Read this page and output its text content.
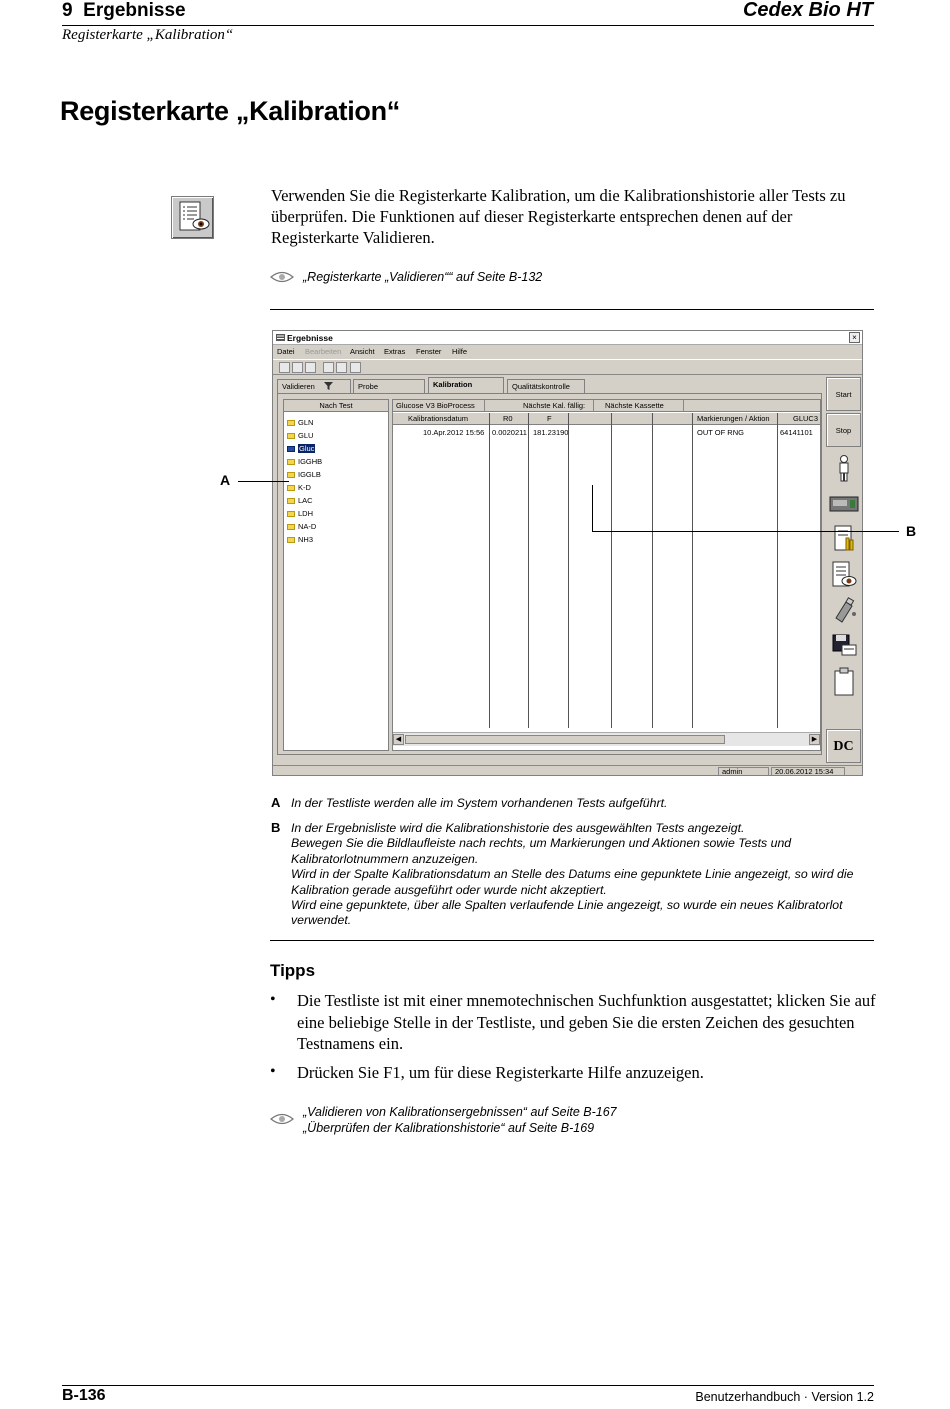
9 Ergebnisse	Cedex Bio HT
Registerkarte „Kalibration“
Registerkarte „Kalibration“
Verwenden Sie die Registerkarte Kalibration, um die Kalibrationshistorie aller Tests zu überprüfen. Die Funktionen auf dieser Registerkarte entsprechen denen auf der Registerkarte Validieren.
„Registerkarte „Validieren““ auf Seite B-132
Ergebnisse	×
Datei Bearbeiten Ansicht Extras Fenster Hilfe
Validieren	Probe	Kalibration	Qualitätskontrolle
Nach Test
GLN
GLU
Gluc
IGGHB
IGGLB
K-D
LAC
LDH
NA-D
NH3
Glucose V3 BioProcess	Nächste Kal. fällig:	Nächste Kassette
Kalibrationsdatum	R0	F	Markierungen / Aktion	GLUC3
10.Apr.2012 15:56 0.0020211 181.23190	OUT OF RNG	64141101
◀	▶
Start
Stop
DC
admin	20.06.2012 15:34
A
B
A In der Testliste werden alle im System vorhandenen Tests aufgeführt.
B In der Ergebnisliste wird die Kalibrationshistorie des ausgewählten Tests angezeigt.
Bewegen Sie die Bildlaufleiste nach rechts, um Markierungen und Aktionen sowie Tests und
Kalibratorlotnummern anzuzeigen.
Wird in der Spalte Kalibrationsdatum an Stelle des Datums eine gepunktete Linie angezeigt, so wird die
Kalibration gerade ausgeführt oder wurde nicht akzeptiert.
Wird eine gepunktete, über alle Spalten verlaufende Linie angezeigt, so wurde ein neues Kalibratorlot
verwendet.
Tipps
• Die Testliste ist mit einer mnemotechnischen Suchfunktion ausgestattet; klicken Sie auf eine beliebige Stelle in der Testliste, und geben Sie die ersten Zeichen des gesuchten Testnamens ein.
• Drücken Sie F1, um für diese Registerkarte Hilfe anzuzeigen.
„Validieren von Kalibrationsergebnissen“ auf Seite B-167
„Überprüfen der Kalibrationshistorie“ auf Seite B-169
B-136	Benutzerhandbuch · Version 1.2
